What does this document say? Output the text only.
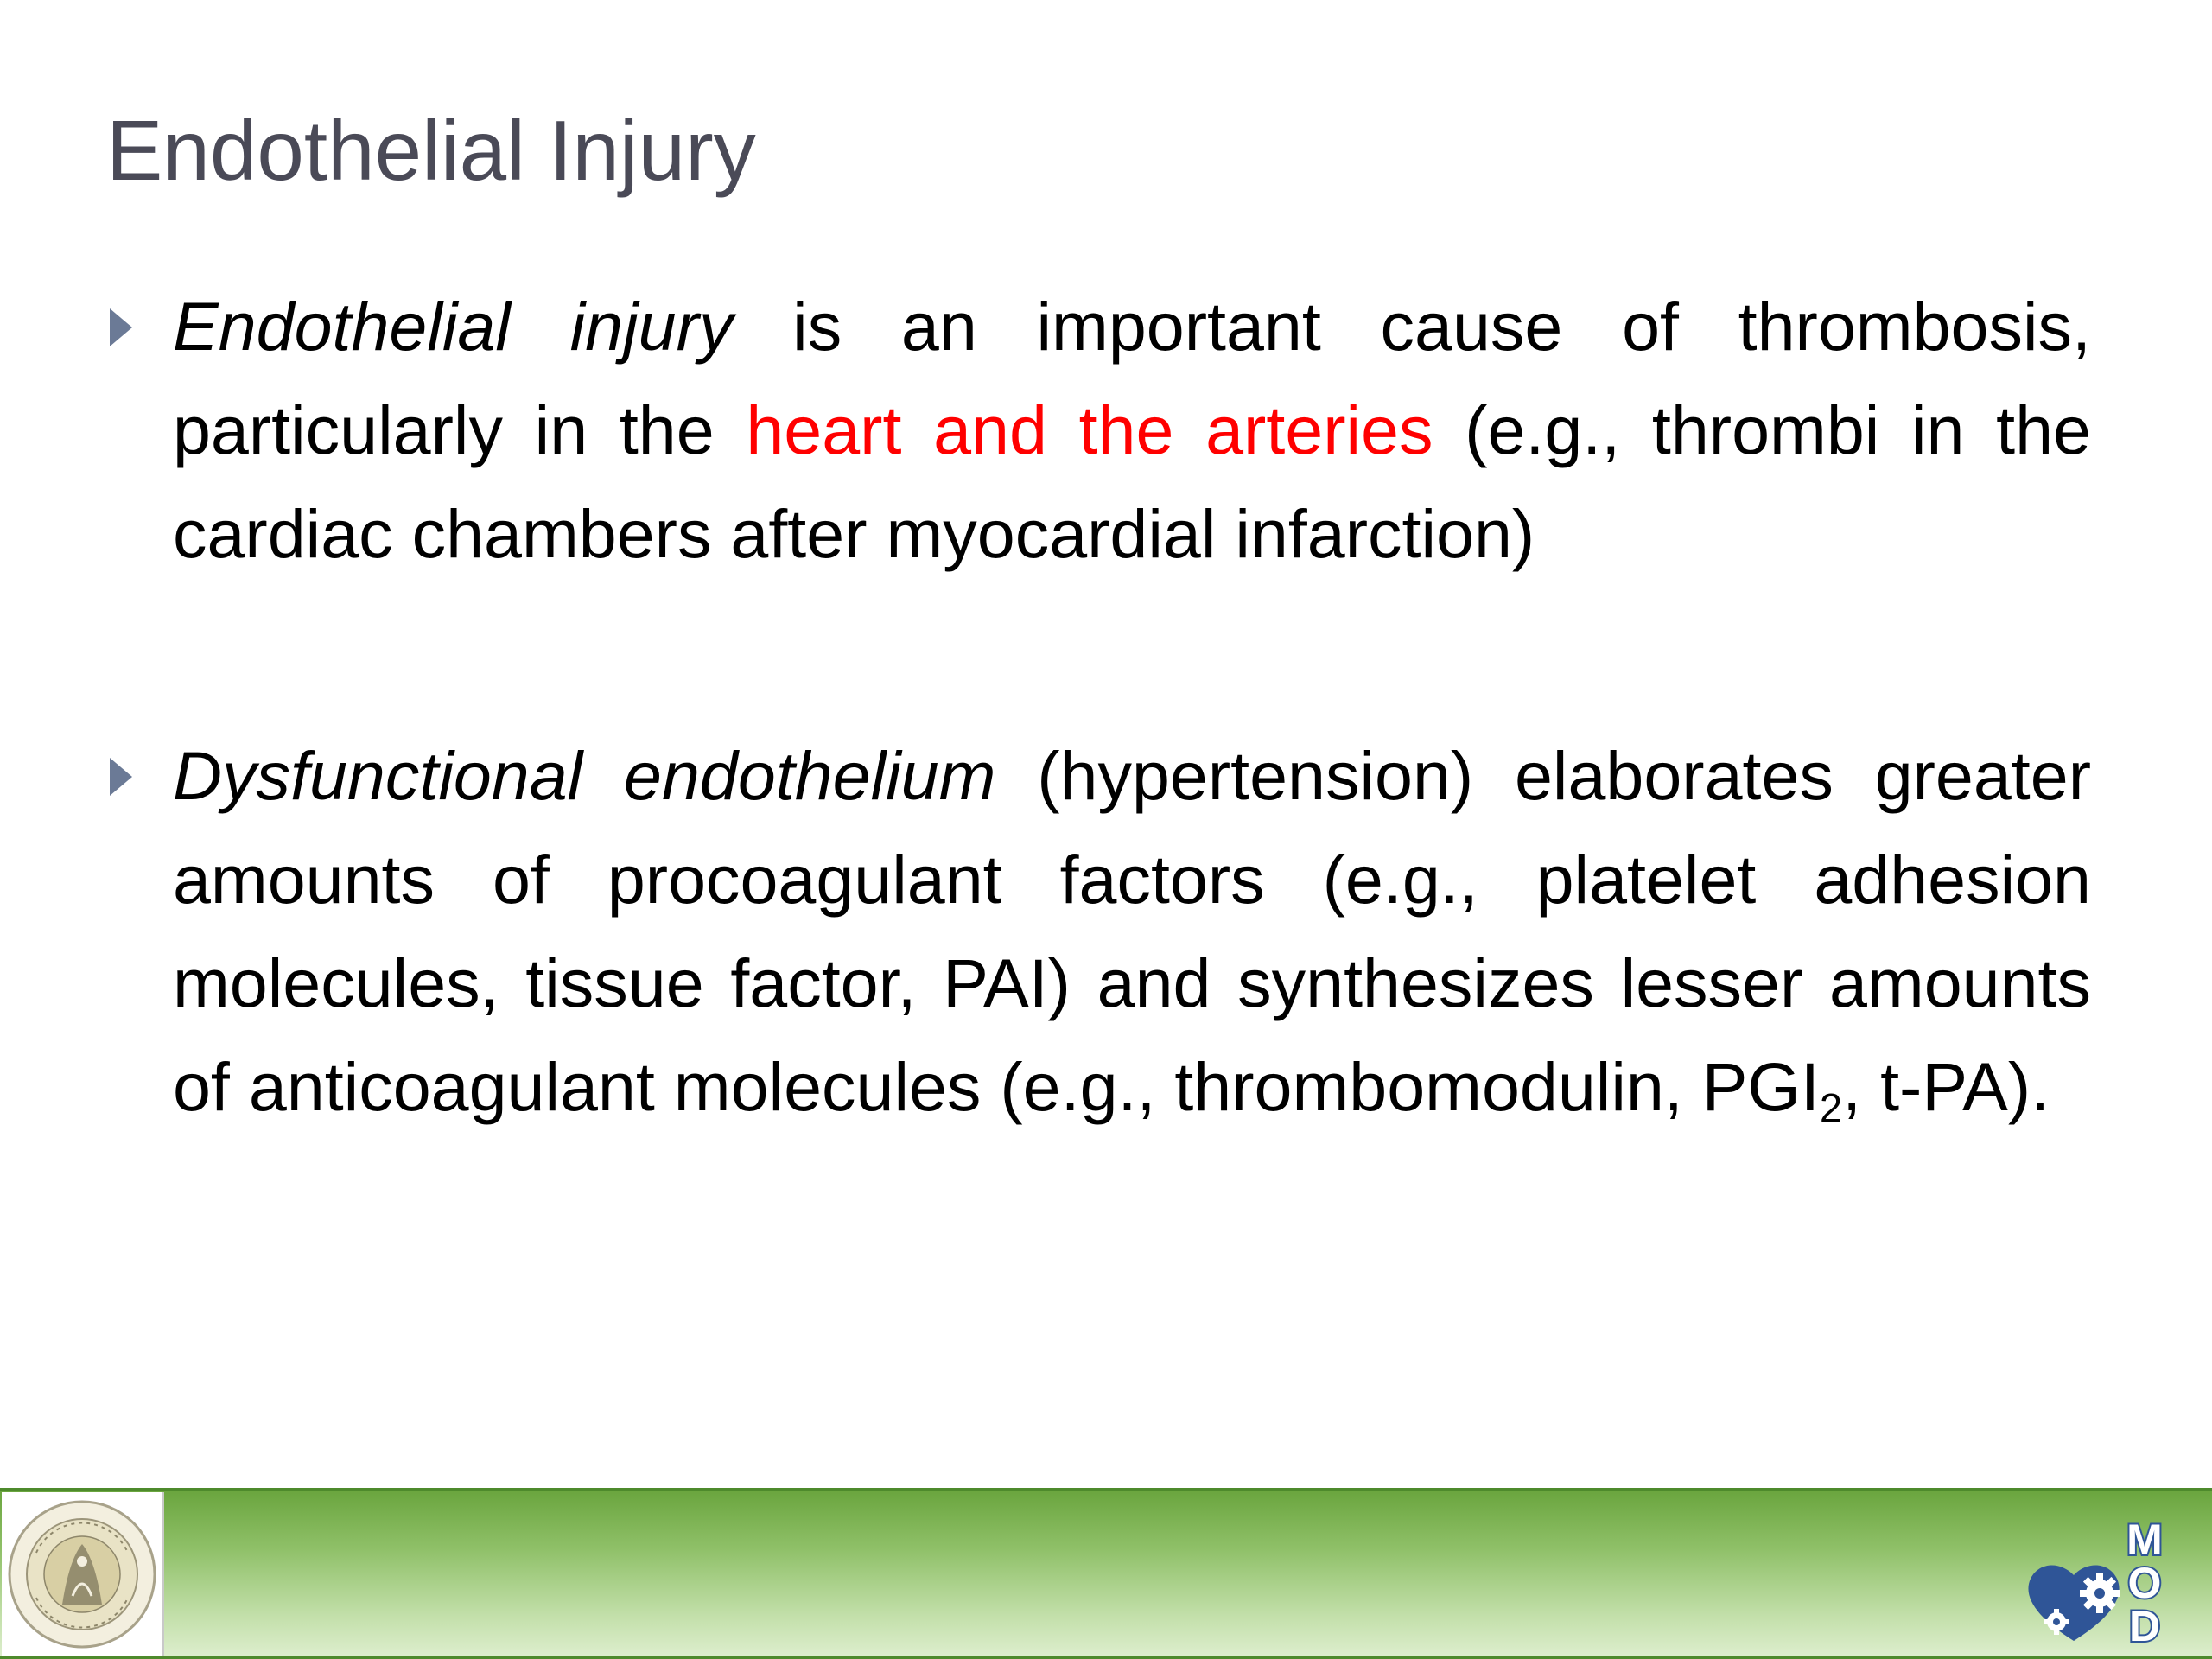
Endothelial Injury
Endothelial injury is an important cause of thrombosis, particularly in the heart and the arteries (e.g., thrombi in the cardiac chambers after myocardial infarction)
Dysfunctional endothelium (hypertension) elaborates greater amounts of procoagulant factors (e.g., platelet adhesion molecules, tissue factor, PAI) and synthesizes lesser amounts of anticoagulant molecules (e.g., thrombomodulin, $PGI_2$, t-PA).
M
O
D
